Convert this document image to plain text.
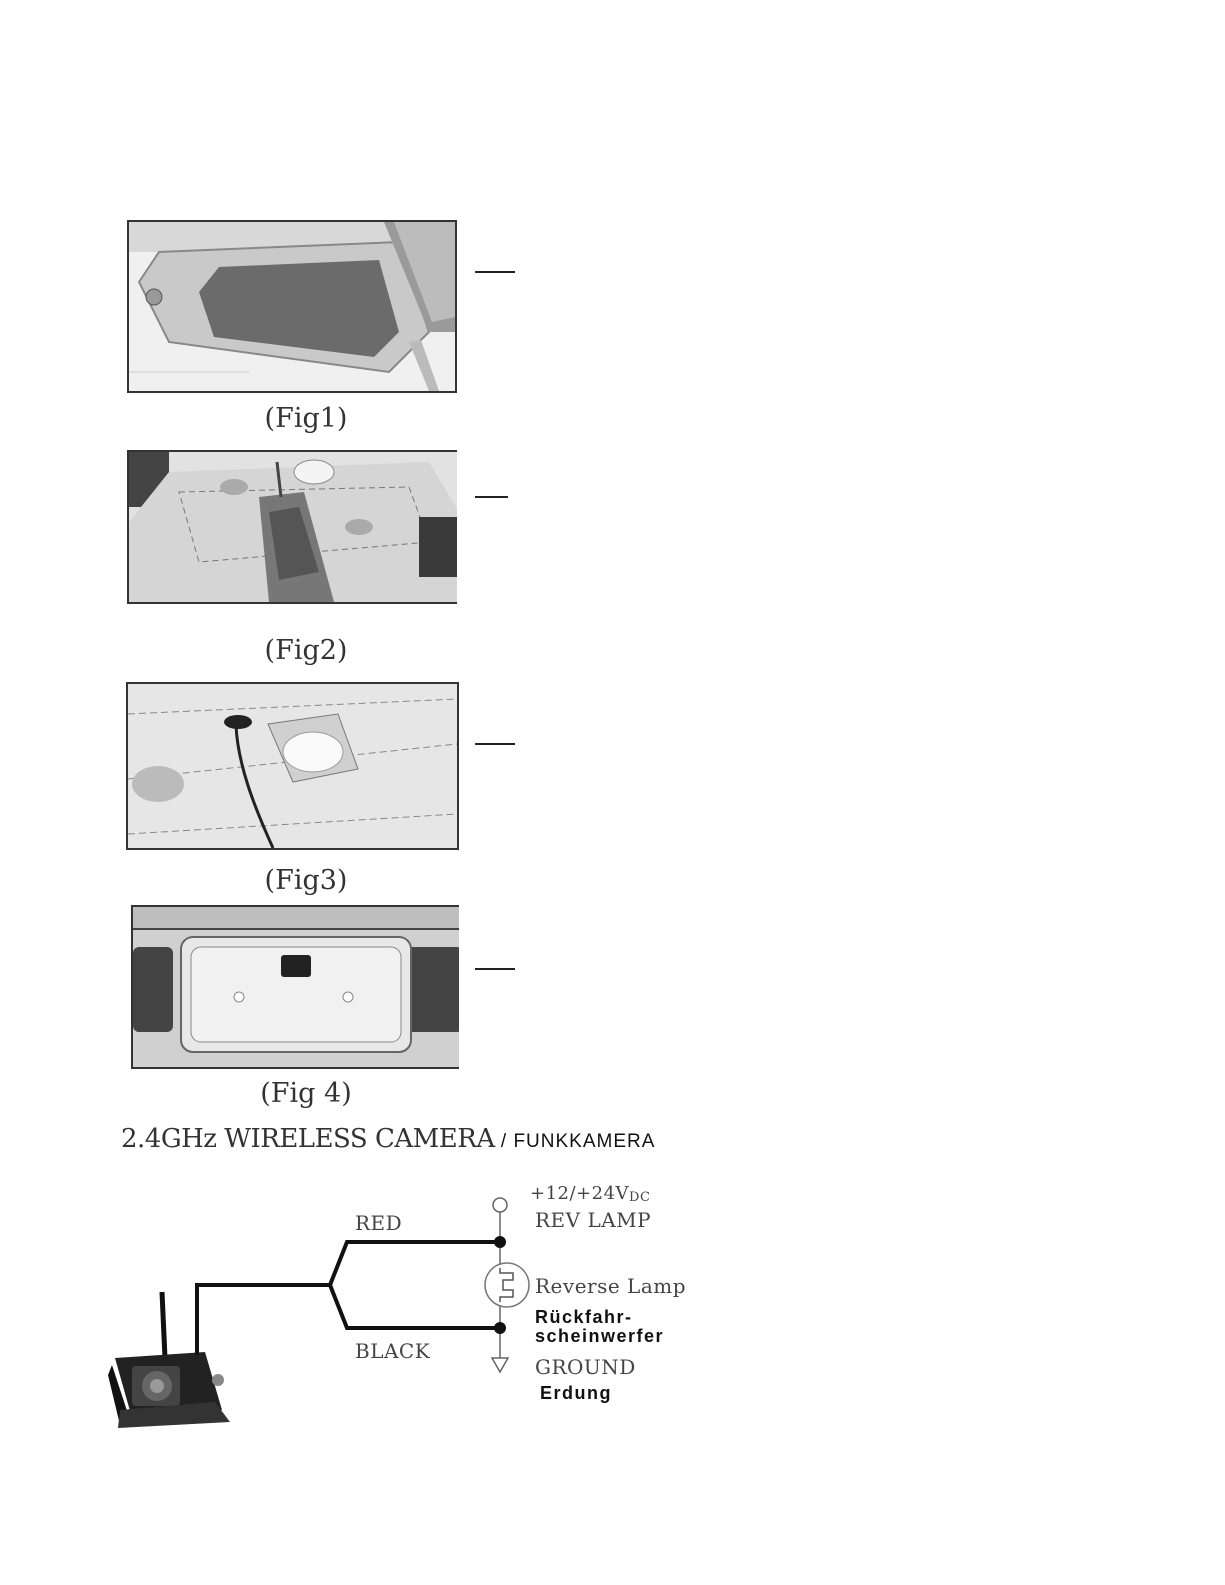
(Fig1)
(Fig2)
(Fig3)
(Fig 4)
2.4GHz WIRELESS CAMERA / FUNKKAMERA
RED
BLACK
$+12/+24V_{DC}$
REV LAMP
Reverse Lamp
Rückfahr-
scheinwerfer
GROUND
Erdung
